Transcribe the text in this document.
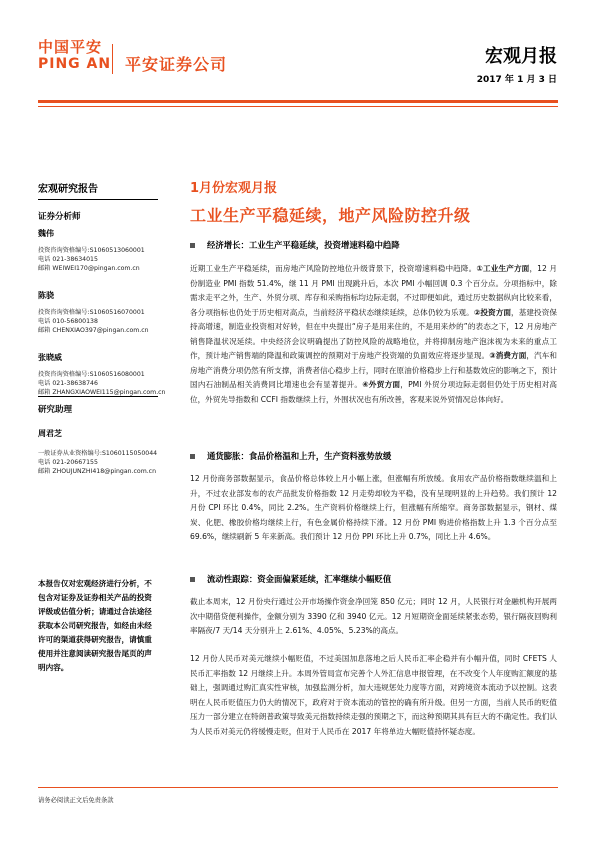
中国平安
PING AN 平安证券公司	宏观月报
2017 年 1 月 3 日
宏观研究报告
证券分析师
魏伟
投资咨询资格编号:S1060513060001
电话 021-38634015
邮箱 WEIWEI170@pingan.com.cn
陈骁
投资咨询资格编号:S1060516070001
电话 010-56800138
邮箱 CHENXIAO397@pingan.com.cn
张晓威
投资咨询资格编号:S1060516080001
电话 021-38638746
邮箱 ZHANGXIAOWEI115@pingan.com.cn
研究助理
周君芝
一般证券从业资格编号:S1060115050044
电话 021-20667155
邮箱 ZHOUJUNZHI418@pingan.com.cn
本报告仅对宏观经济进行分析，不包含对证券及证券相关产品的投资评级或估值分析；请通过合法途径获取本公司研究报告，如经由未经许可的渠道获得研究报告，请慎重使用并注意阅读研究报告尾页的声明内容。
1月份宏观月报
工业生产平稳延续，地产风险防控升级
经济增长：工业生产平稳延续，投资增速料稳中趋降
近期工业生产平稳延续，而房地产风险防控地位升级背景下，投资增速料稳中趋降。①工业生产方面，12 月份制造业 PMI 指数 51.4%，继 11 月 PMI 出现跳升后，本次 PMI 小幅回调 0.3 个百分点。分项指标中，除需求走平之外，生产、外贸分项、库存和采购指标均边际走弱，不过即便如此，通过历史数据纵向比较来看，各分项指标也仍处于历史相对高点，当前经济平稳状态继续延续，总体仍较为乐观。②投资方面，基建投资保持高增速，制造业投资相对好转，但在中央提出“房子是用来住的，不是用来炒的”的表态之下，12 月房地产销售降温状况延续。中央经济会议明确提出了防控风险的战略地位，并将抑制房地产泡沫视为未来的重点工作，预计地产销售端的降温和政策调控的预期对于房地产投资端的负面效应将逐步显现。③消费方面，汽车和房地产消费分项仍然有所支撑，消费者信心稳步上行，同时在原油价格稳步上行和基数效应的影响之下，预计国内石油制品相关消费同比增速也会有显著提升。④外贸方面，PMI 外贸分项边际走弱但仍处于历史相对高位，外贸先导指数和 CCFI 指数继续上行，外围状况也有所改善，客观来说外贸情况总体向好。
通货膨胀：食品价格温和上升，生产资料涨势放缓
12 月份商务部数据显示，食品价格总体较上月小幅上涨，但涨幅有所放缓。食用农产品价格指数继续温和上升，不过农业部发布的农产品批发价格指数 12 月走势却较为平稳，没有呈现明显的上升趋势。我们预计 12 月份 CPI 环比 0.4%，同比 2.2%。生产资料价格继续上行，但涨幅有所缩窄。商务部数据显示，钢材、煤炭、化肥、橡胶价格均继续上行，有色金属价格持续下滑。12 月份 PMI 购进价格指数上升 1.3 个百分点至 69.6%，继续刷新 5 年来新高。我们预计 12 月份 PPI 环比上升 0.7%，同比上升 4.6%。
流动性跟踪：资金面偏紧延续，汇率继续小幅贬值
截止本周末，12 月份央行通过公开市场操作资金净回笼 850 亿元；同时 12 月，人民银行对金融机构开展两次中期借贷便利操作，金额分别为 3390 亿和 3940 亿元。12 月短期资金面延续紧张态势，银行隔夜回购利率隔夜/7 天/14 天分别升上 2.61%、4.05%、5.23%的高点。
12 月份人民币对美元继续小幅贬值，不过美国加息落地之后人民币汇率企稳并有小幅升值，同时 CFETS 人民币汇率指数 12 月继续上升。本周外管局宣布完善个人外汇信息申报管理，在不改变个人年度购汇额度的基础上，强调通过购汇真实性审核，加强监测分析，加大违规惩处力度等方面，对跨境资本流动予以控制。这表明在人民币贬值压力仍大的情况下，政府对于资本流动的管控的确有所升级。但另一方面，当前人民币的贬值压力一部分建立在特朗普政策导致美元指数持续走强的预期之下，而这种预期其具有巨大的不确定性。我们认为人民币对美元仍将缓慢走贬，但对于人民币在 2017 年将单边大幅贬值持怀疑态度。
请务必阅读正文后免责条款
